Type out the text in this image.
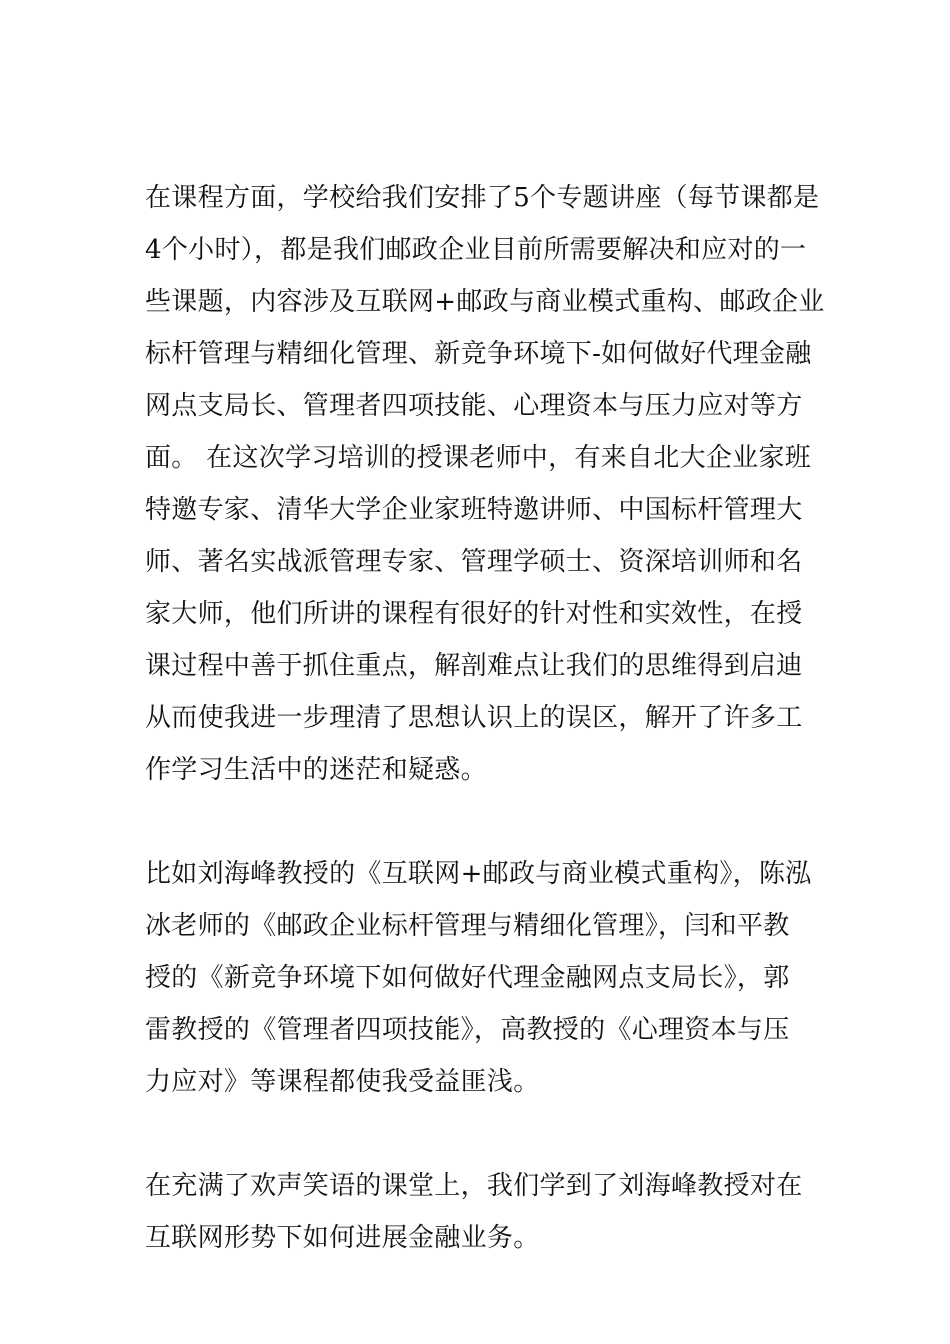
在课程方面，学校给我们安排了5个专题讲座（每节课都是
4个小时），都是我们邮政企业目前所需要解决和应对的一
些课题，内容涉及互联网+邮政与商业模式重构、邮政企业
标杆管理与精细化管理、新竞争环境下-如何做好代理金融
网点支局长、管理者四项技能、心理资本与压力应对等方
面。 在这次学习培训的授课老师中，有来自北大企业家班
特邀专家、清华大学企业家班特邀讲师、中国标杆管理大
师、著名实战派管理专家、管理学硕士、资深培训师和名
家大师，他们所讲的课程有很好的针对性和实效性，在授
课过程中善于抓住重点，解剖难点让我们的思维得到启迪
从而使我进一步理清了思想认识上的误区，解开了许多工
作学习生活中的迷茫和疑惑。
比如刘海峰教授的《互联网+邮政与商业模式重构》，陈泓
冰老师的《邮政企业标杆管理与精细化管理》，闫和平教
授的《新竞争环境下如何做好代理金融网点支局长》，郭
雷教授的《管理者四项技能》，高教授的《心理资本与压
力应对》等课程都使我受益匪浅。
在充满了欢声笑语的课堂上，我们学到了刘海峰教授对在
互联网形势下如何进展金融业务。
